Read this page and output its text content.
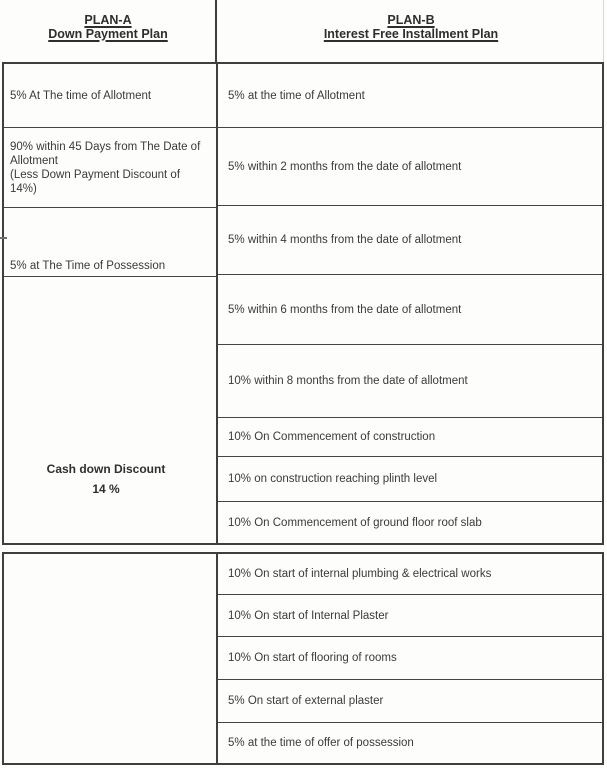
PLAN-A
Down Payment Plan
PLAN-B
Interest Free Installment Plan
5% At The time of Allotment

90% within 45 Days from The Date of Allotment

(Less Down Payment Discount of 14%)

5% at The Time of Possession
Cash down Discount
14 %
5% at the time of Allotment
5% within 2 months from the date of allotment
5% within 4 months from the date of allotment
5% within 6 months from the date of allotment
10% within 8 months from the date of allotment
10% On Commencement of construction
10% on construction reaching plinth level
10% On Commencement of ground floor roof slab
10% On start of internal plumbing & electrical works
10% On start of Internal Plaster
10% On start of flooring of rooms
5% On start of external plaster
5% at the time of offer of possession
